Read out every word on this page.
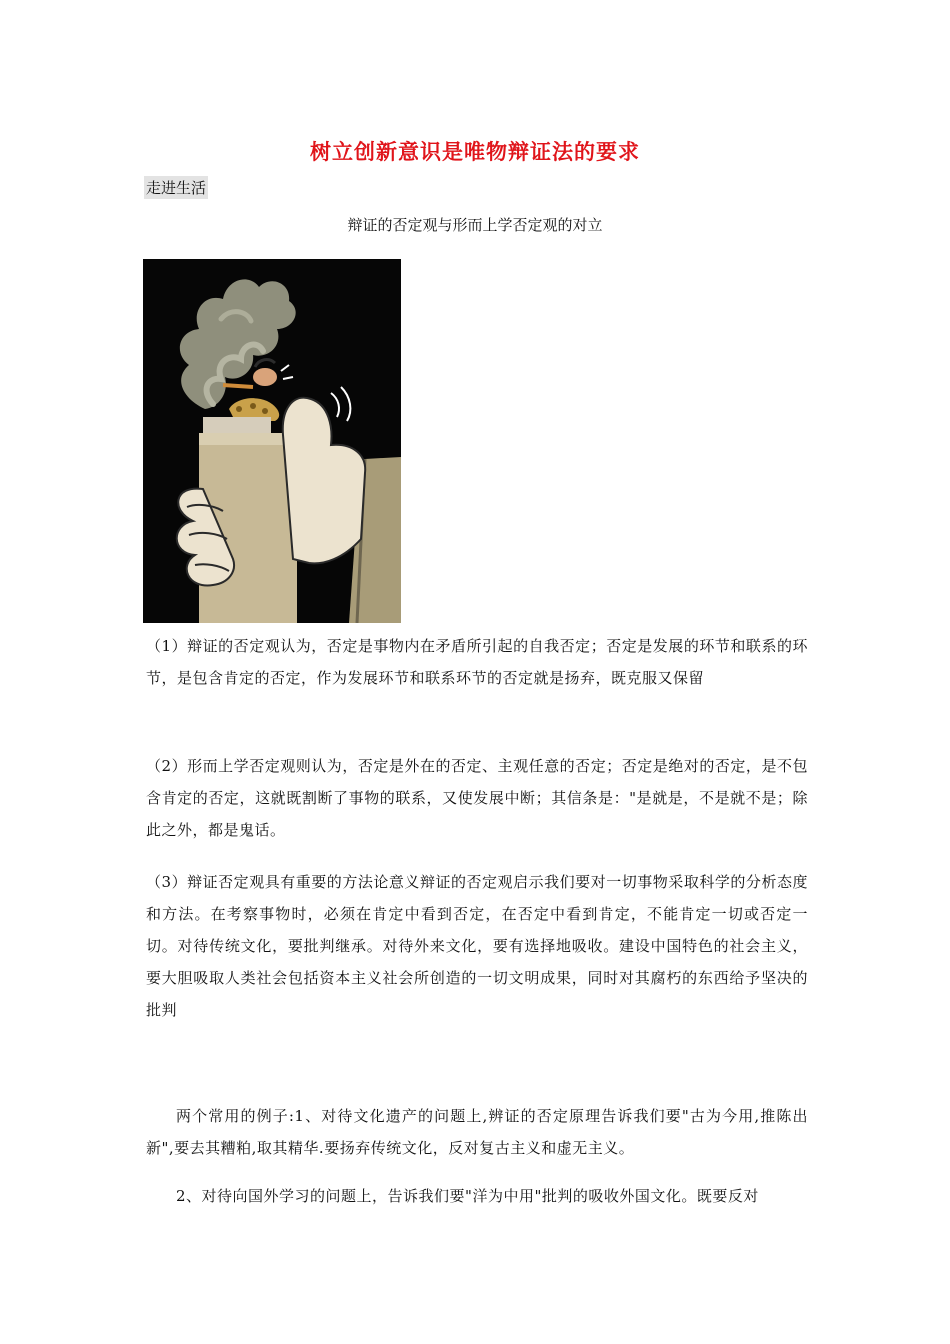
树立创新意识是唯物辩证法的要求
走进生活
辩证的否定观与形而上学否定观的对立
（1）辩证的否定观认为，否定是事物内在矛盾所引起的自我否定；否定是发展的环节和联系的环节，是包含肯定的否定，作为发展环节和联系环节的否定就是扬弃，既克服又保留
（2）形而上学否定观则认为，否定是外在的否定、主观任意的否定；否定是绝对的否定，是不包含肯定的否定，这就既割断了事物的联系，又使发展中断；其信条是："是就是，不是就不是；除此之外，都是鬼话。
（3）辩证否定观具有重要的方法论意义辩证的否定观启示我们要对一切事物采取科学的分析态度和方法。在考察事物时，必须在肯定中看到否定，在否定中看到肯定，不能肯定一切或否定一切。对待传统文化，要批判继承。对待外来文化，要有选择地吸收。建设中国特色的社会主义，要大胆吸取人类社会包括资本主义社会所创造的一切文明成果，同时对其腐朽的东西给予坚决的批判
两个常用的例子:1、对待文化遗产的问题上,辨证的否定原理告诉我们要"古为今用,推陈出新",要去其糟粕,取其精华.要扬弃传统文化，反对复古主义和虚无主义。
2、对待向国外学习的问题上，告诉我们要"洋为中用"批判的吸收外国文化。既要反对
